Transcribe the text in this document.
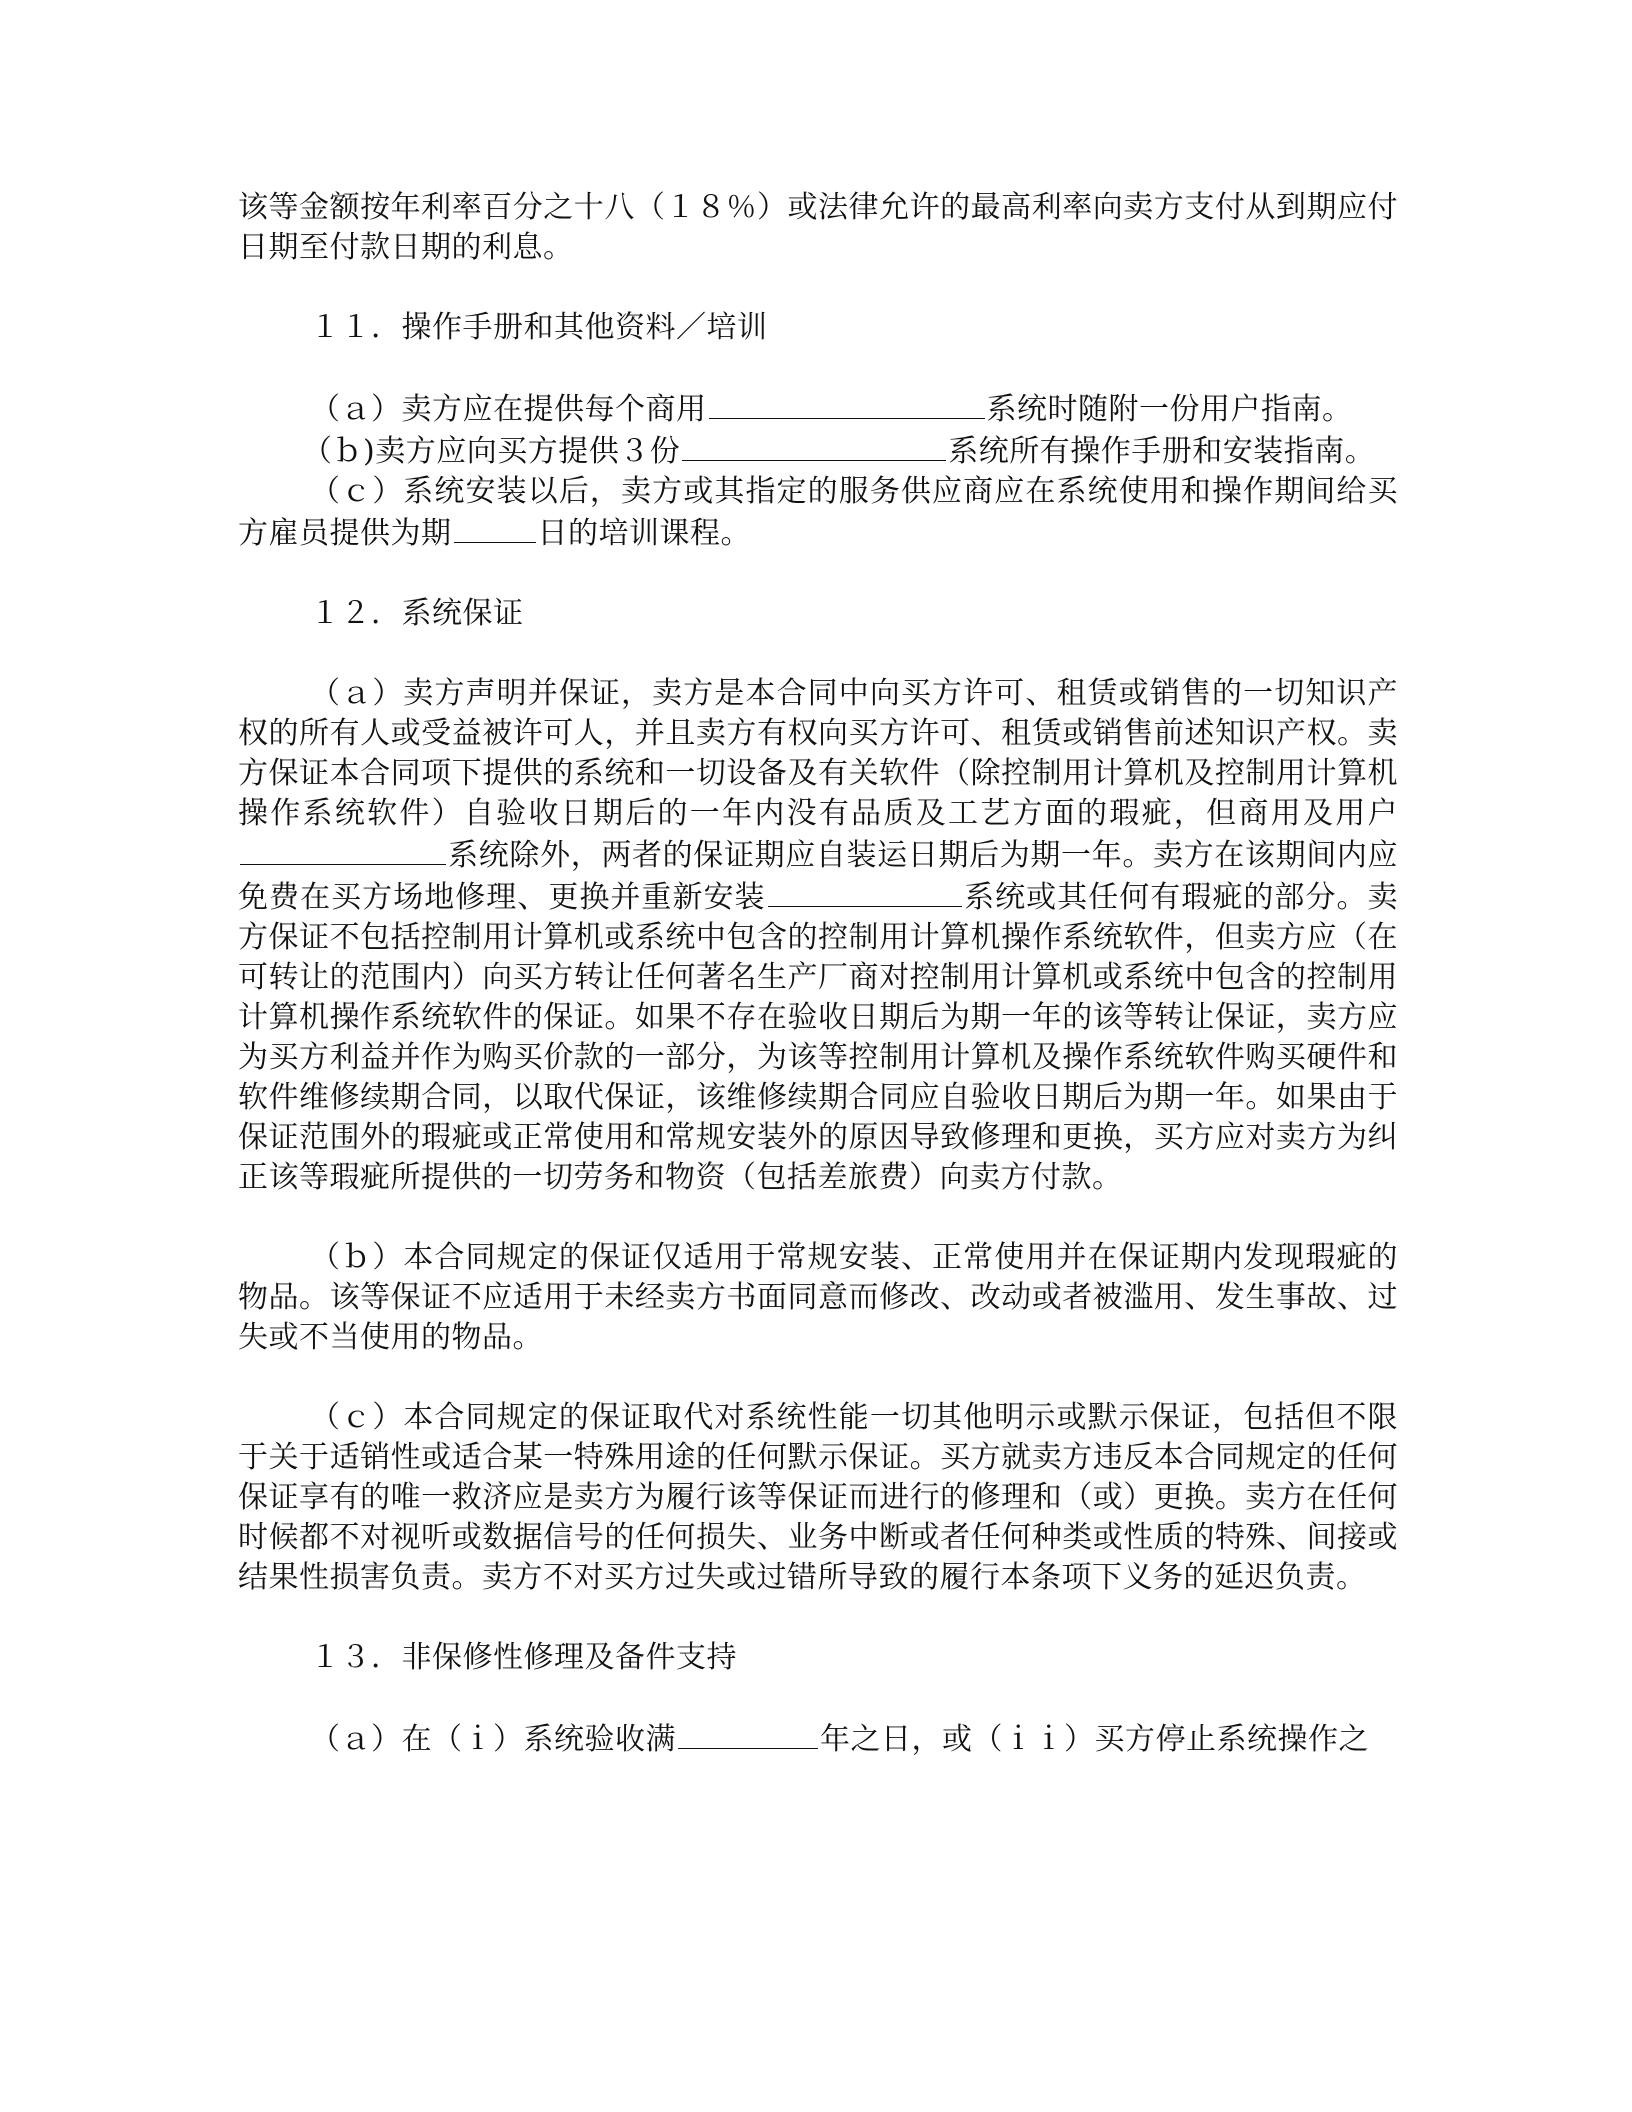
该等金额按年利率百分之十八（１８％）或法律允许的最高利率向卖方支付从到期应付日期至付款日期的利息。

１１．操作手册和其他资料／培训

（ａ）卖方应在提供每个商用	系统时随附一份用户指南。

（ｂ)卖方应向买方提供３份	系统所有操作手册和安装指南。

（ｃ）系统安装以后，卖方或其指定的服务供应商应在系统使用和操作期间给买方雇员提供为期	日的培训课程。

１２．系统保证

（ａ）卖方声明并保证，卖方是本合同中向买方许可、租赁或销售的一切知识产权的所有人或受益被许可人，并且卖方有权向买方许可、租赁或销售前述知识产权。卖方保证本合同项下提供的系统和一切设备及有关软件（除控制用计算机及控制用计算机操作系统软件）自验收日期后的一年内没有品质及工艺方面的瑕疵，但商用及用户系统除外，两者的保证期应自装运日期后为期一年。卖方在该期间内应免费在买方场地修理、更换并重新安装	系统或其任何有瑕疵的部分。卖方保证不包括控制用计算机或系统中包含的控制用计算机操作系统软件，但卖方应（在可转让的范围内）向买方转让任何著名生产厂商对控制用计算机或系统中包含的控制用计算机操作系统软件的保证。如果不存在验收日期后为期一年的该等转让保证，卖方应为买方利益并作为购买价款的一部分，为该等控制用计算机及操作系统软件购买硬件和软件维修续期合同，以取代保证，该维修续期合同应自验收日期后为期一年。如果由于保证范围外的瑕疵或正常使用和常规安装外的原因导致修理和更换，买方应对卖方为纠正该等瑕疵所提供的一切劳务和物资（包括差旅费）向卖方付款。

（ｂ）本合同规定的保证仅适用于常规安装、正常使用并在保证期内发现瑕疵的物品。该等保证不应适用于未经卖方书面同意而修改、改动或者被滥用、发生事故、过失或不当使用的物品。

（ｃ）本合同规定的保证取代对系统性能一切其他明示或默示保证，包括但不限于关于适销性或适合某一特殊用途的任何默示保证。买方就卖方违反本合同规定的任何保证享有的唯一救济应是卖方为履行该等保证而进行的修理和（或）更换。卖方在任何时候都不对视听或数据信号的任何损失、业务中断或者任何种类或性质的特殊、间接或结果性损害负责。卖方不对买方过失或过错所导致的履行本条项下义务的延迟负责。

１３．非保修性修理及备件支持

（ａ）在（ｉ）系统验收满	年之日，或（ｉｉ）买方停止系统操作之
